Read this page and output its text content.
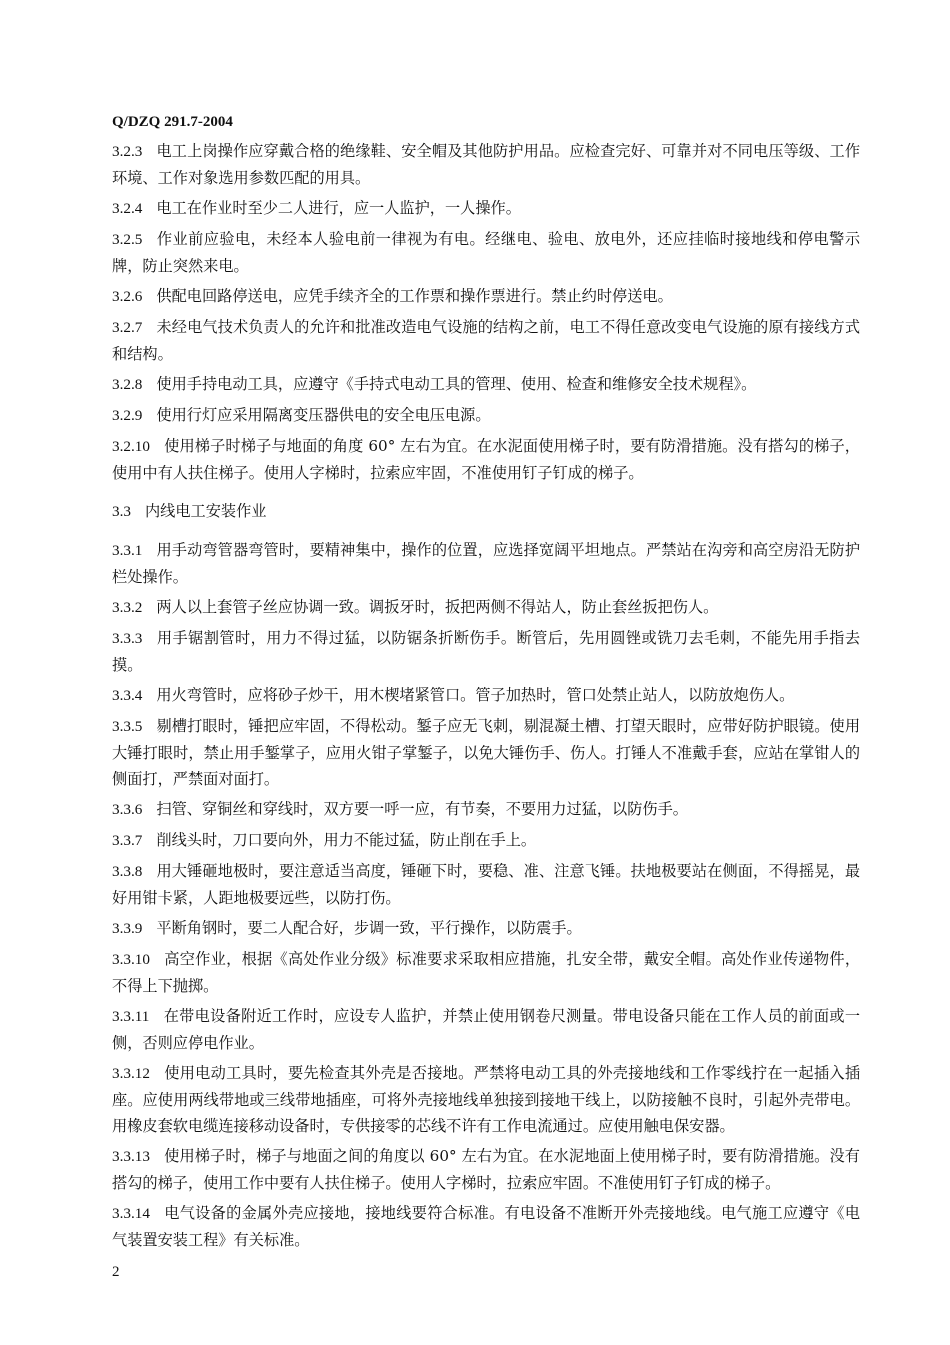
Q/DZQ 291.7-2004

3.2.3 电工上岗操作应穿戴合格的绝缘鞋、安全帽及其他防护用品。应检查完好、可靠并对不同电压等级、工作环境、工作对象选用参数匹配的用具。

3.2.4 电工在作业时至少二人进行，应一人监护，一人操作。

3.2.5 作业前应验电，未经本人验电前一律视为有电。经继电、验电、放电外，还应挂临时接地线和停电警示牌，防止突然来电。

3.2.6 供配电回路停送电，应凭手续齐全的工作票和操作票进行。禁止约时停送电。

3.2.7 未经电气技术负责人的允许和批准改造电气设施的结构之前，电工不得任意改变电气设施的原有接线方式和结构。

3.2.8 使用手持电动工具，应遵守《手持式电动工具的管理、使用、检查和维修安全技术规程》。

3.2.9 使用行灯应采用隔离变压器供电的安全电压电源。

3.2.10 使用梯子时梯子与地面的角度 60° 左右为宜。在水泥面使用梯子时，要有防滑措施。没有搭勾的梯子，使用中有人扶住梯子。使用人字梯时，拉索应牢固，不准使用钉子钉成的梯子。

3.3 内线电工安装作业

3.3.1 用手动弯管器弯管时，要精神集中，操作的位置，应选择宽阔平坦地点。严禁站在沟旁和高空房沿无防护栏处操作。

3.3.2 两人以上套管子丝应协调一致。调扳牙时，扳把两侧不得站人，防止套丝扳把伤人。

3.3.3 用手锯割管时，用力不得过猛，以防锯条折断伤手。断管后，先用圆锉或铣刀去毛刺，不能先用手指去摸。

3.3.4 用火弯管时，应将砂子炒干，用木楔堵紧管口。管子加热时，管口处禁止站人，以防放炮伤人。

3.3.5 剔槽打眼时，锤把应牢固，不得松动。錾子应无飞刺，剔混凝土槽、打望天眼时，应带好防护眼镜。使用大锤打眼时，禁止用手錾掌子，应用火钳子掌錾子，以免大锤伤手、伤人。打锤人不准戴手套，应站在掌钳人的侧面打，严禁面对面打。

3.3.6 扫管、穿铜丝和穿线时，双方要一呼一应，有节奏，不要用力过猛，以防伤手。

3.3.7 削线头时，刀口要向外，用力不能过猛，防止削在手上。

3.3.8 用大锤砸地极时，要注意适当高度，锤砸下时，要稳、准、注意飞锤。扶地极要站在侧面，不得摇晃，最好用钳卡紧，人距地极要远些，以防打伤。

3.3.9 平断角钢时，要二人配合好，步调一致，平行操作，以防震手。

3.3.10 高空作业，根据《高处作业分级》标准要求采取相应措施，扎安全带，戴安全帽。高处作业传递物件，不得上下抛掷。

3.3.11 在带电设备附近工作时，应设专人监护，并禁止使用钢卷尺测量。带电设备只能在工作人员的前面或一侧，否则应停电作业。

3.3.12 使用电动工具时，要先检查其外壳是否接地。严禁将电动工具的外壳接地线和工作零线拧在一起插入插座。应使用两线带地或三线带地插座，可将外壳接地线单独接到接地干线上，以防接触不良时，引起外壳带电。用橡皮套软电缆连接移动设备时，专供接零的芯线不许有工作电流通过。应使用触电保安器。

3.3.13 使用梯子时，梯子与地面之间的角度以 60° 左右为宜。在水泥地面上使用梯子时，要有防滑措施。没有搭勾的梯子，使用工作中要有人扶住梯子。使用人字梯时，拉索应牢固。不准使用钉子钉成的梯子。

3.3.14 电气设备的金属外壳应接地，接地线要符合标准。有电设备不准断开外壳接地线。电气施工应遵守《电气装置安装工程》有关标准。

2
